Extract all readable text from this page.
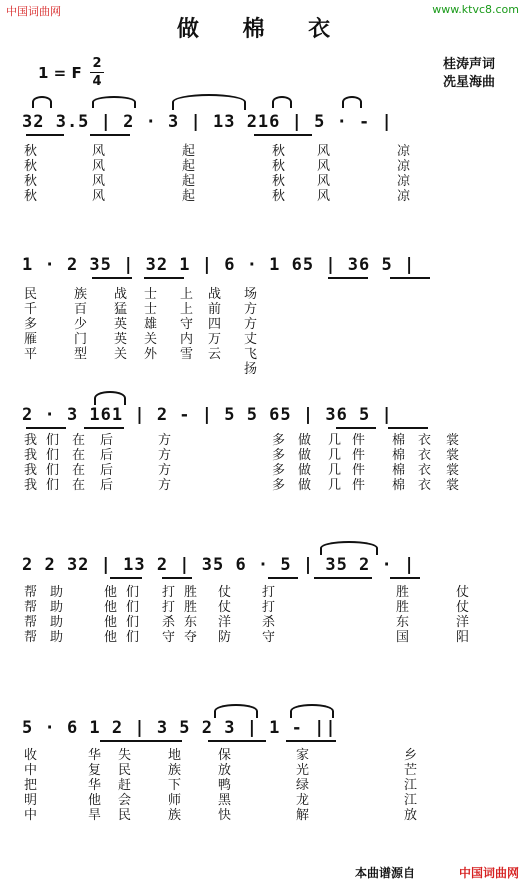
中国词曲网	www.ktvc8.com
做 棉 衣
1 = F
2
4
桂涛声词
冼星海曲
32 3.5 | 2 · 3 | 13 216 | 5 · - |
秋秋秋秋
风风风风
起起起起
秋秋秋秋
风风风风
凉凉凉凉
1 · 2 35 | 32 1 | 6 · 1 65 | 36 5 |
民千多雁平
族百少门型
战猛英英关
士士雄关外
上上守内雪
战前四万云
场方方丈飞扬
2 · 3 161 | 2 - | 5 5 65 | 36 5 |
我我我我
们们们们
在在在在
后后后后
方方方方
多多多多
做做做做
几几几几
件件件件
棉棉棉棉
衣衣衣衣
裳裳裳裳
2 2 32 | 13 2 | 35 6 · 5 | 35 2 · |
帮帮帮帮
助助助助
他他他他
们们们们
打打杀守
胜胜东夺
仗仗洋防
打打杀守
胜胜东国
仗仗洋阳
5 · 6 1 2 | 3 5 2 3 | 1 - ||
收中把明中
华复华他旱
失民赶会民
地族下师族
保放鸭黑快
家光绿龙解
乡芒江江放
本曲谱源自	中国词曲网
